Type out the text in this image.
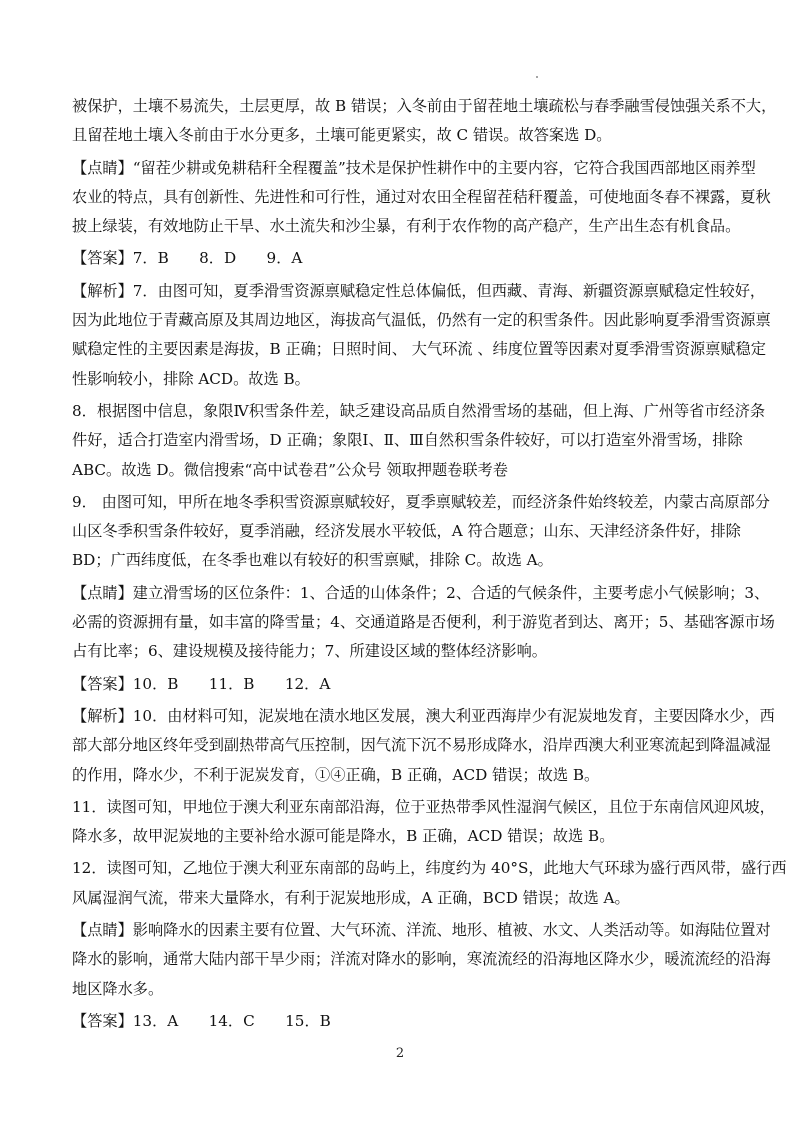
被保护，土壤不易流失，土层更厚，故 B 错误；入冬前由于留茬地土壤疏松与春季融雪侵蚀强关系不大，
且留茬地土壤入冬前由于水分更多，土壤可能更紧实，故 C 错误。故答案选 D。

【点睛】“留茬少耕或免耕秸秆全程覆盖”技术是保护性耕作中的主要内容，它符合我国西部地区雨养型
农业的特点，具有创新性、先进性和可行性，通过对农田全程留茬秸秆覆盖，可使地面冬春不裸露，夏秋
披上绿装，有效地防止干旱、水土流失和沙尘暴，有利于农作物的高产稳产，生产出生态有机食品。

【答案】7．B　　8．D　　9．A

【解析】7．由图可知，夏季滑雪资源禀赋稳定性总体偏低，但西藏、青海、新疆资源禀赋稳定性较好，
因为此地位于青藏高原及其周边地区，海拔高气温低，仍然有一定的积雪条件。因此影响夏季滑雪资源禀
赋稳定性的主要因素是海拔，B 正确；日照时间、 大气环流 、纬度位置等因素对夏季滑雪资源禀赋稳定
性影响较小，排除 ACD。故选 B。

8．根据图中信息，象限Ⅳ积雪条件差，缺乏建设高品质自然滑雪场的基础，但上海、广州等省市经济条
件好，适合打造室内滑雪场，D 正确；象限Ⅰ、Ⅱ、Ⅲ自然积雪条件较好，可以打造室外滑雪场，排除
ABC。故选 D。微信搜索“高中试卷君”公众号 领取押题卷联考卷

9． 由图可知，甲所在地冬季积雪资源禀赋较好，夏季禀赋较差，而经济条件始终较差，内蒙古高原部分
山区冬季积雪条件较好，夏季消融，经济发展水平较低，A 符合题意；山东、天津经济条件好，排除
BD；广西纬度低，在冬季也难以有较好的积雪禀赋，排除 C。故选 A。

【点睛】建立滑雪场的区位条件：1、合适的山体条件；2、合适的气候条件，主要考虑小气候影响；3、
必需的资源拥有量，如丰富的降雪量；4、交通道路是否便利，利于游览者到达、离开；5、基础客源市场
占有比率；6、建设规模及接待能力；7、所建设区域的整体经济影响。

【答案】10．B　　11．B　　12．A

【解析】10．由材料可知，泥炭地在渍水地区发展，澳大利亚西海岸少有泥炭地发育，主要因降水少，西
部大部分地区终年受到副热带高气压控制，因气流下沉不易形成降水，沿岸西澳大利亚寒流起到降温减湿
的作用，降水少，不利于泥炭发育，①④正确，B 正确，ACD 错误；故选 B。

11．读图可知，甲地位于澳大利亚东南部沿海，位于亚热带季风性湿润气候区，且位于东南信风迎风坡，
降水多，故甲泥炭地的主要补给水源可能是降水，B 正确，ACD 错误；故选 B。

12．读图可知，乙地位于澳大利亚东南部的岛屿上，纬度约为 40°S，此地大气环球为盛行西风带，盛行西
风属湿润气流，带来大量降水，有利于泥炭地形成，A 正确，BCD 错误；故选 A。

【点睛】影响降水的因素主要有位置、大气环流、洋流、地形、植被、水文、人类活动等。如海陆位置对
降水的影响，通常大陆内部干旱少雨；洋流对降水的影响，寒流流经的沿海地区降水少，暖流流经的沿海
地区降水多。

【答案】13．A　　14．C　　15．B

2
